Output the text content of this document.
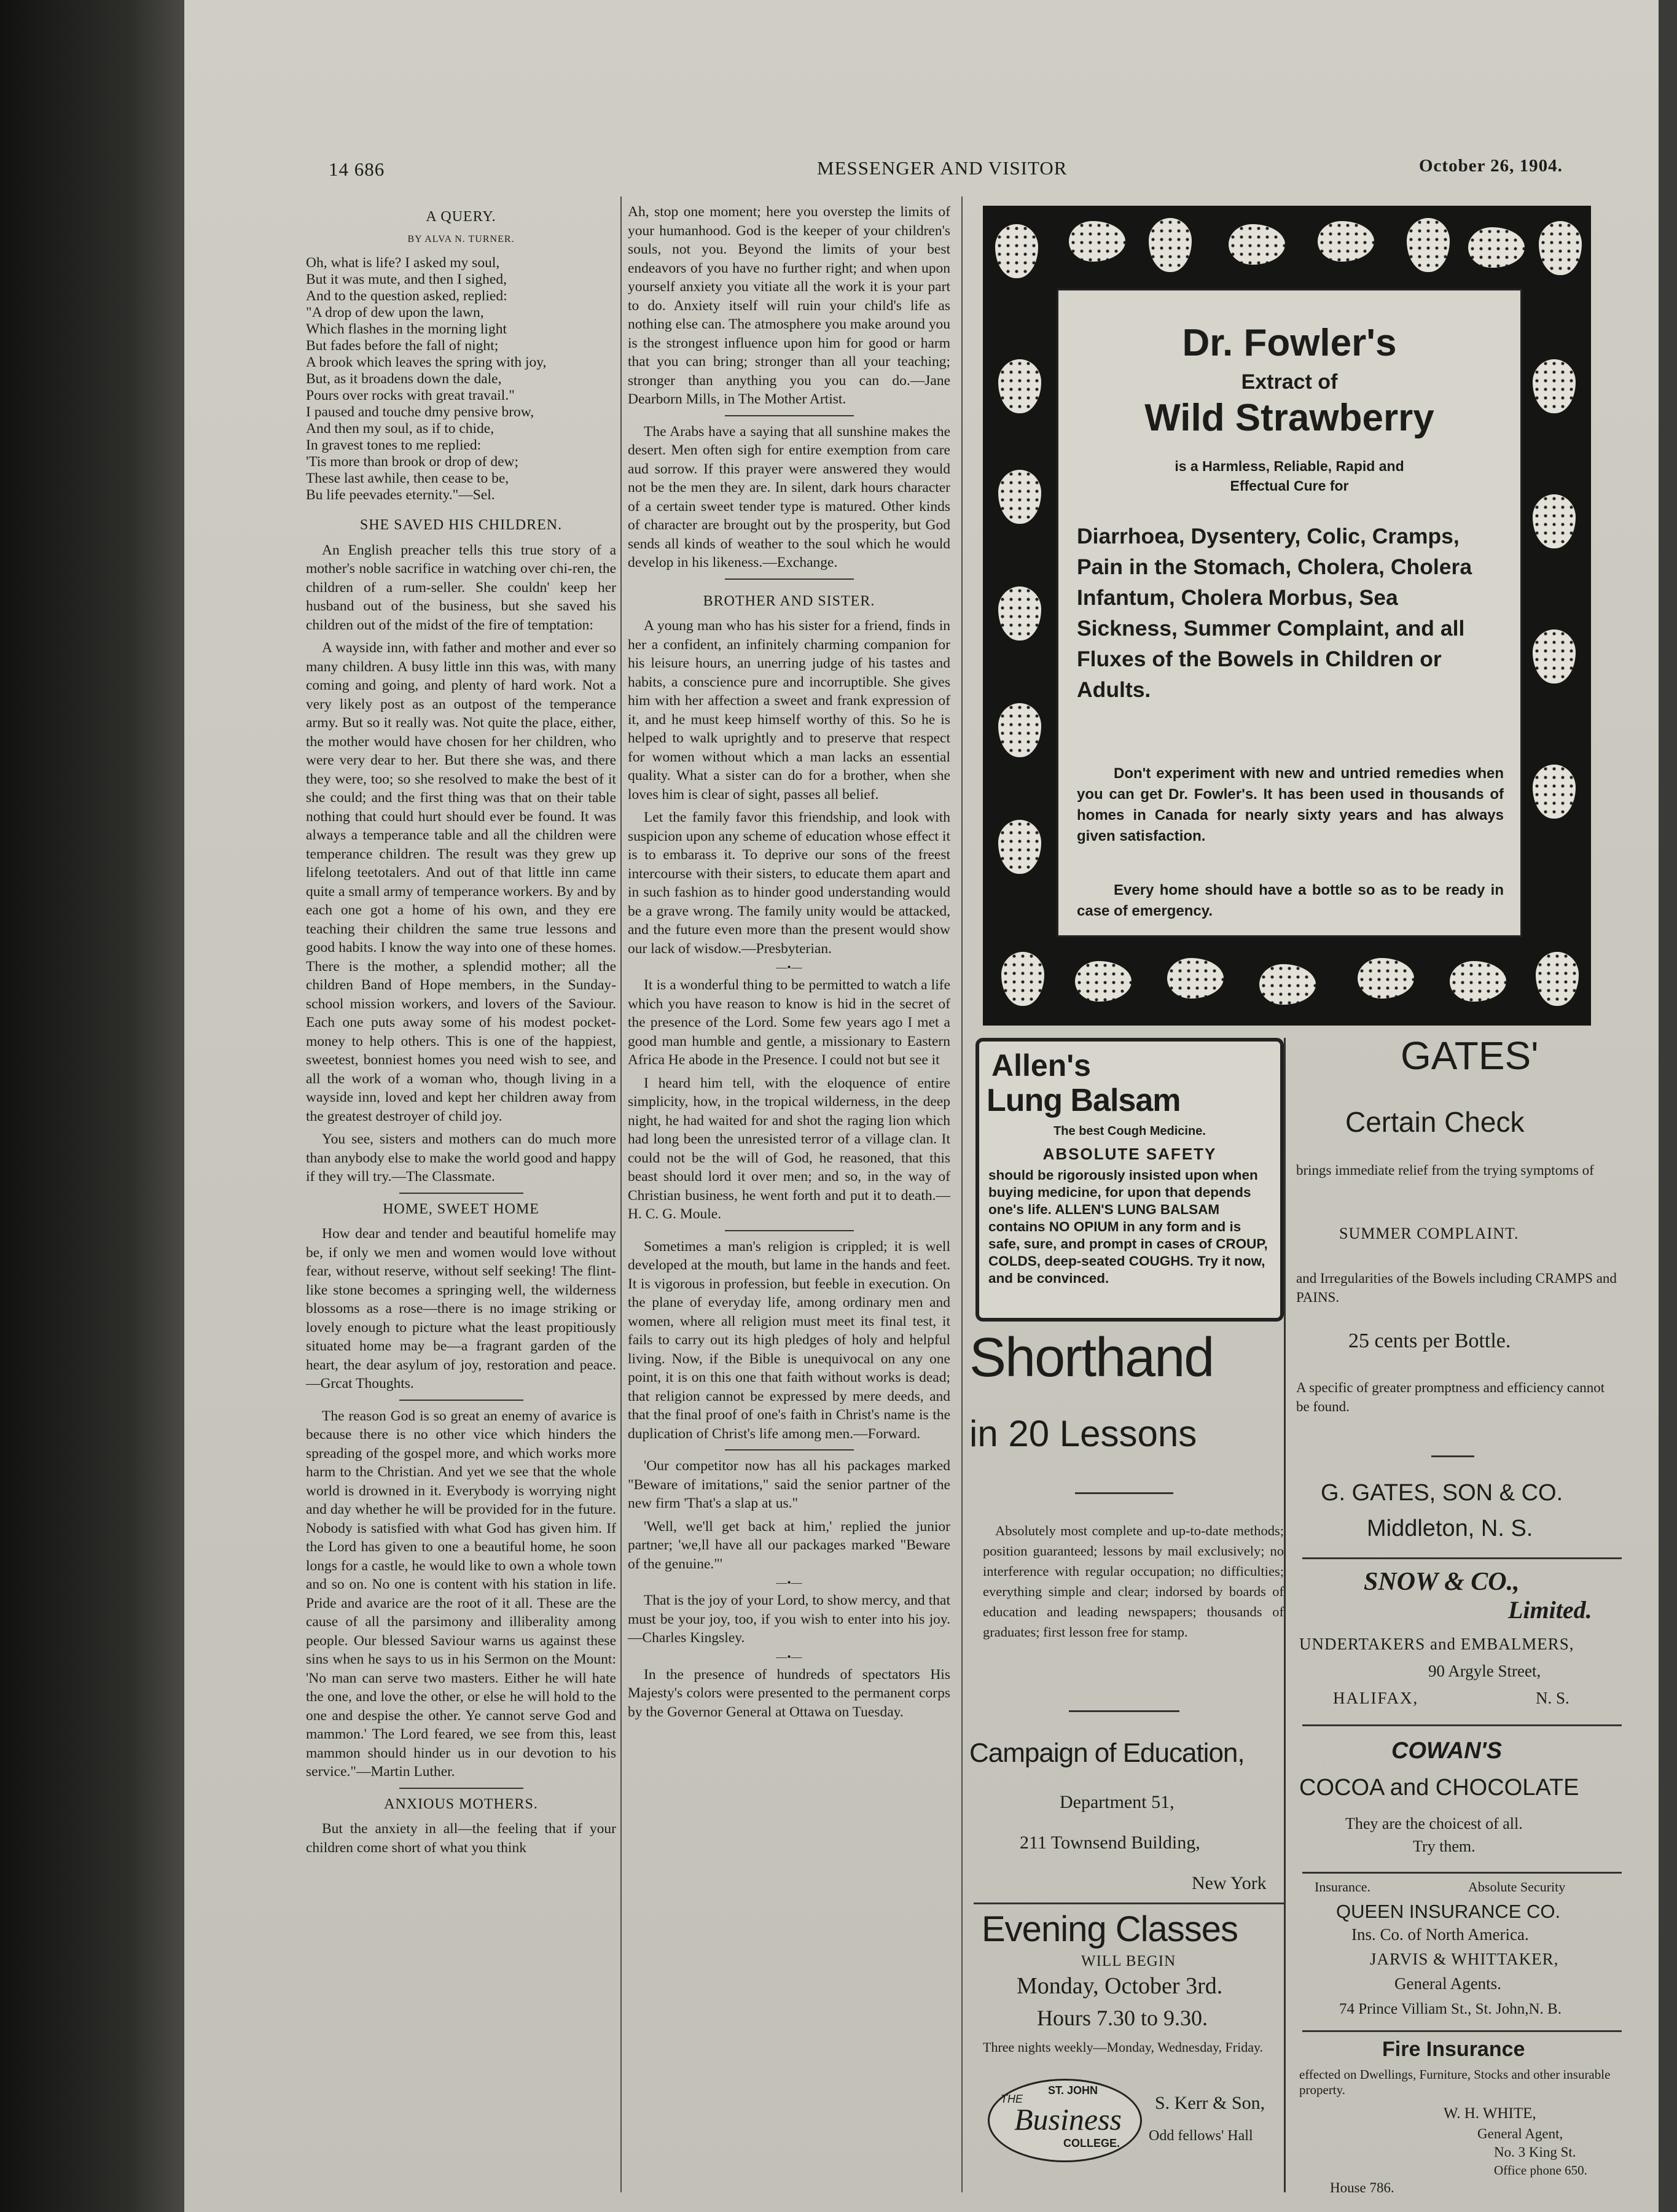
14 686	MESSENGER AND VISITOR	October 26, 1904.
A QUERY.
BY ALVA N. TURNER.

Oh, what is life? I asked my soul,
But it was mute, and then I sighed,
And to the question asked, replied:
"A drop of dew upon the lawn,
Which flashes in the morning light
But fades before the fall of night;
A brook which leaves the spring with joy,
But, as it broadens down the dale,
Pours over rocks with great travail."
I paused and touche dmy pensive brow,
And then my soul, as if to chide,
In gravest tones to me replied:
'Tis more than brook or drop of dew;
These last awhile, then cease to be,
Bu life peevades eternity."—Sel.

SHE SAVED HIS CHILDREN.

An English preacher tells this true story of a mother's noble sacrifice in watching over chi-ren, the children of a rum-seller. She couldn' keep her husband out of the business, but she saved his children out of the midst of the fire of temptation:

A wayside inn, with father and mother and ever so many children. A busy little inn this was, with many coming and going, and plenty of hard work. Not a very likely post as an outpost of the temperance army. But so it really was. Not quite the place, either, the mother would have chosen for her children, who were very dear to her. But there she was, and there they were, too; so she resolved to make the best of it she could; and the first thing was that on their table nothing that could hurt should ever be found. It was always a temperance table and all the children were temperance children. The result was they grew up lifelong teetotalers. And out of that little inn came quite a small army of temperance workers. By and by each one got a home of his own, and they ere teaching their children the same true lessons and good habits. I know the way into one of these homes. There is the mother, a splendid mother; all the children Band of Hope members, in the Sunday-school mission workers, and lovers of the Saviour. Each one puts away some of his modest pocket-money to help others. This is one of the happiest, sweetest, bonniest homes you need wish to see, and all the work of a woman who, though living in a wayside inn, loved and kept her children away from the greatest destroyer of child joy.

You see, sisters and mothers can do much more than anybody else to make the world good and happy if they will try.—The Classmate.

HOME, SWEET HOME

How dear and tender and beautiful homelife may be, if only we men and women would love without fear, without reserve, without self seeking! The flint-like stone becomes a springing well, the wilderness blossoms as a rose—there is no image striking or lovely enough to picture what the least propitiously situated home may be—a fragrant garden of the heart, the dear asylum of joy, restoration and peace.—Grcat Thoughts.

The reason God is so great an enemy of avarice is because there is no other vice which hinders the spreading of the gospel more, and which works more harm to the Christian. And yet we see that the whole world is drowned in it. Everybody is worrying night and day whether he will be provided for in the future. Nobody is satisfied with what God has given him. If the Lord has given to one a beautiful home, he soon longs for a castle, he would like to own a whole town and so on. No one is content with his station in life. Pride and avarice are the root of it all. These are the cause of all the parsimony and illiberality among people. Our blessed Saviour warns us against these sins when he says to us in his Sermon on the Mount: 'No man can serve two masters. Either he will hate the one, and love the other, or else he will hold to the one and despise the other. Ye cannot serve God and mammon.' The Lord feared, we see from this, least mammon should hinder us in our devotion to his service."—Martin Luther.

ANXIOUS MOTHERS.

But the anxiety in all—the feeling that if your children come short of what you think

Ah, stop one moment; here you overstep the limits of your humanhood. God is the keeper of your children's souls, not you. Beyond the limits of your best endeavors of you have no further right; and when upon yourself anxiety you vitiate all the work it is your part to do. Anxiety itself will ruin your child's life as nothing else can. The atmosphere you make around you is the strongest influence upon him for good or harm that you can bring; stronger than all your teaching; stronger than anything you you can do.—Jane Dearborn Mills, in The Mother Artist.

The Arabs have a saying that all sunshine makes the desert. Men often sigh for entire exemption from care aud sorrow. If this prayer were answered they would not be the men they are. In silent, dark hours character of a certain sweet tender type is matured. Other kinds of character are brought out by the prosperity, but God sends all kinds of weather to the soul which he would develop in his likeness.—Exchange.

BROTHER AND SISTER.

A young man who has his sister for a friend, finds in her a confident, an infinitely charming companion for his leisure hours, an unerring judge of his tastes and habits, a conscience pure and incorruptible. She gives him with her affection a sweet and frank expression of it, and he must keep himself worthy of this. So he is helped to walk uprightly and to preserve that respect for women without which a man lacks an essential quality. What a sister can do for a brother, when she loves him is clear of sight, passes all belief.

Let the family favor this friendship, and look with suspicion upon any scheme of education whose effect it is to embarass it. To deprive our sons of the freest intercourse with their sisters, to educate them apart and in such fashion as to hinder good understanding would be a grave wrong. The family unity would be attacked, and the future even more than the present would show our lack of wisdow.—Presbyterian.

—•—

It is a wonderful thing to be permitted to watch a life which you have reason to know is hid in the secret of the presence of the Lord. Some few years ago I met a good man humble and gentle, a missionary to Eastern Africa He abode in the Presence. I could not but see it

I heard him tell, with the eloquence of entire simplicity, how, in the tropical wilderness, in the deep night, he had waited for and shot the raging lion which had long been the unresisted terror of a village clan. It could not be the will of God, he reasoned, that this beast should lord it over men; and so, in the way of Christian business, he went forth and put it to death.—H. C. G. Moule.

Sometimes a man's religion is crippled; it is well developed at the mouth, but lame in the hands and feet. It is vigorous in profession, but feeble in execution. On the plane of everyday life, among ordinary men and women, where all religion must meet its final test, it fails to carry out its high pledges of holy and helpful living. Now, if the Bible is unequivocal on any one point, it is on this one that faith without works is dead; that religion cannot be expressed by mere deeds, and that the final proof of one's faith in Christ's name is the duplication of Christ's life among men.—Forward.

'Our competitor now has all his packages marked "Beware of imitations," said the senior partner of the new firm 'That's a slap at us."

'Well, we'll get back at him,' replied the junior partner; 'we,ll have all our packages marked "Beware of the genuine."'

—•—

That is the joy of your Lord, to show mercy, and that must be your joy, too, if you wish to enter into his joy.—Charles Kingsley.

—•—

In the presence of hundreds of spectators His Majesty's colors were presented to the permanent corps by the Governor General at Ottawa on Tuesday.

Dr. Fowler's
Extract of
Wild Strawberry
is a Harmless, Reliable, Rapid and Effectual Cure for
Diarrhoea, Dysentery, Colic, Cramps, Pain in the Stomach, Cholera, Cholera Infantum, Cholera Morbus, Sea Sickness, Summer Complaint, and all Fluxes of the Bowels in Children or Adults.
Don't experiment with new and untried remedies when you can get Dr. Fowler's. It has been used in thousands of homes in Canada for nearly sixty years and has always given satisfaction.
Every home should have a bottle so as to be ready in case of emergency.
Allen's
Lung Balsam
The best Cough Medicine.
ABSOLUTE SAFETY
should be rigorously insisted upon when buying medicine, for upon that depends one's life. ALLEN'S LUNG BALSAM contains NO OPIUM in any form and is safe, sure, and prompt in cases of CROUP, COLDS, deep-seated COUGHS. Try it now, and be convinced.
Shorthand
in 20 Lessons
Absolutely most complete and up-to-date methods; position guaranteed; lessons by mail exclusively; no interference with regular occupation; no difficulties; everything simple and clear; indorsed by boards of education and leading newspapers; thousands of graduates; first lesson free for stamp.
Campaign of Education,
Department 51,
211 Townsend Building,
New York
Evening Classes
WILL BEGIN
Monday, October 3rd.
Hours 7.30 to 9.30.
Three nights weekly—Monday, Wednesday, Friday.
ST. JOHN
THE
Business
COLLEGE.
S. Kerr & Son,
Odd fellows' Hall
GATES'
Certain Check
brings immediate relief from the trying symptoms of
SUMMER COMPLAINT.
and Irregularities of the Bowels including CRAMPS and PAINS.
25 cents per Bottle.
A specific of greater promptness and efficiency cannot be found.
G. GATES, SON & CO.
Middleton, N. S.
SNOW & CO.,
Limited.
UNDERTAKERS and EMBALMERS,
90 Argyle Street,
HALIFAX,	N. S.
COWAN'S
COCOA and CHOCOLATE
They are the choicest of all.
Try them.
Insurance.	Absolute Security
QUEEN INSURANCE CO.
Ins. Co. of North America.
JARVIS & WHITTAKER,
General Agents.
74 Prince Villiam St., St. John,N. B.
Fire Insurance
effected on Dwellings, Furniture, Stocks and other insurable property.
W. H. WHITE,
General Agent,
No. 3 King St.
Office phone 650.
House 786.
